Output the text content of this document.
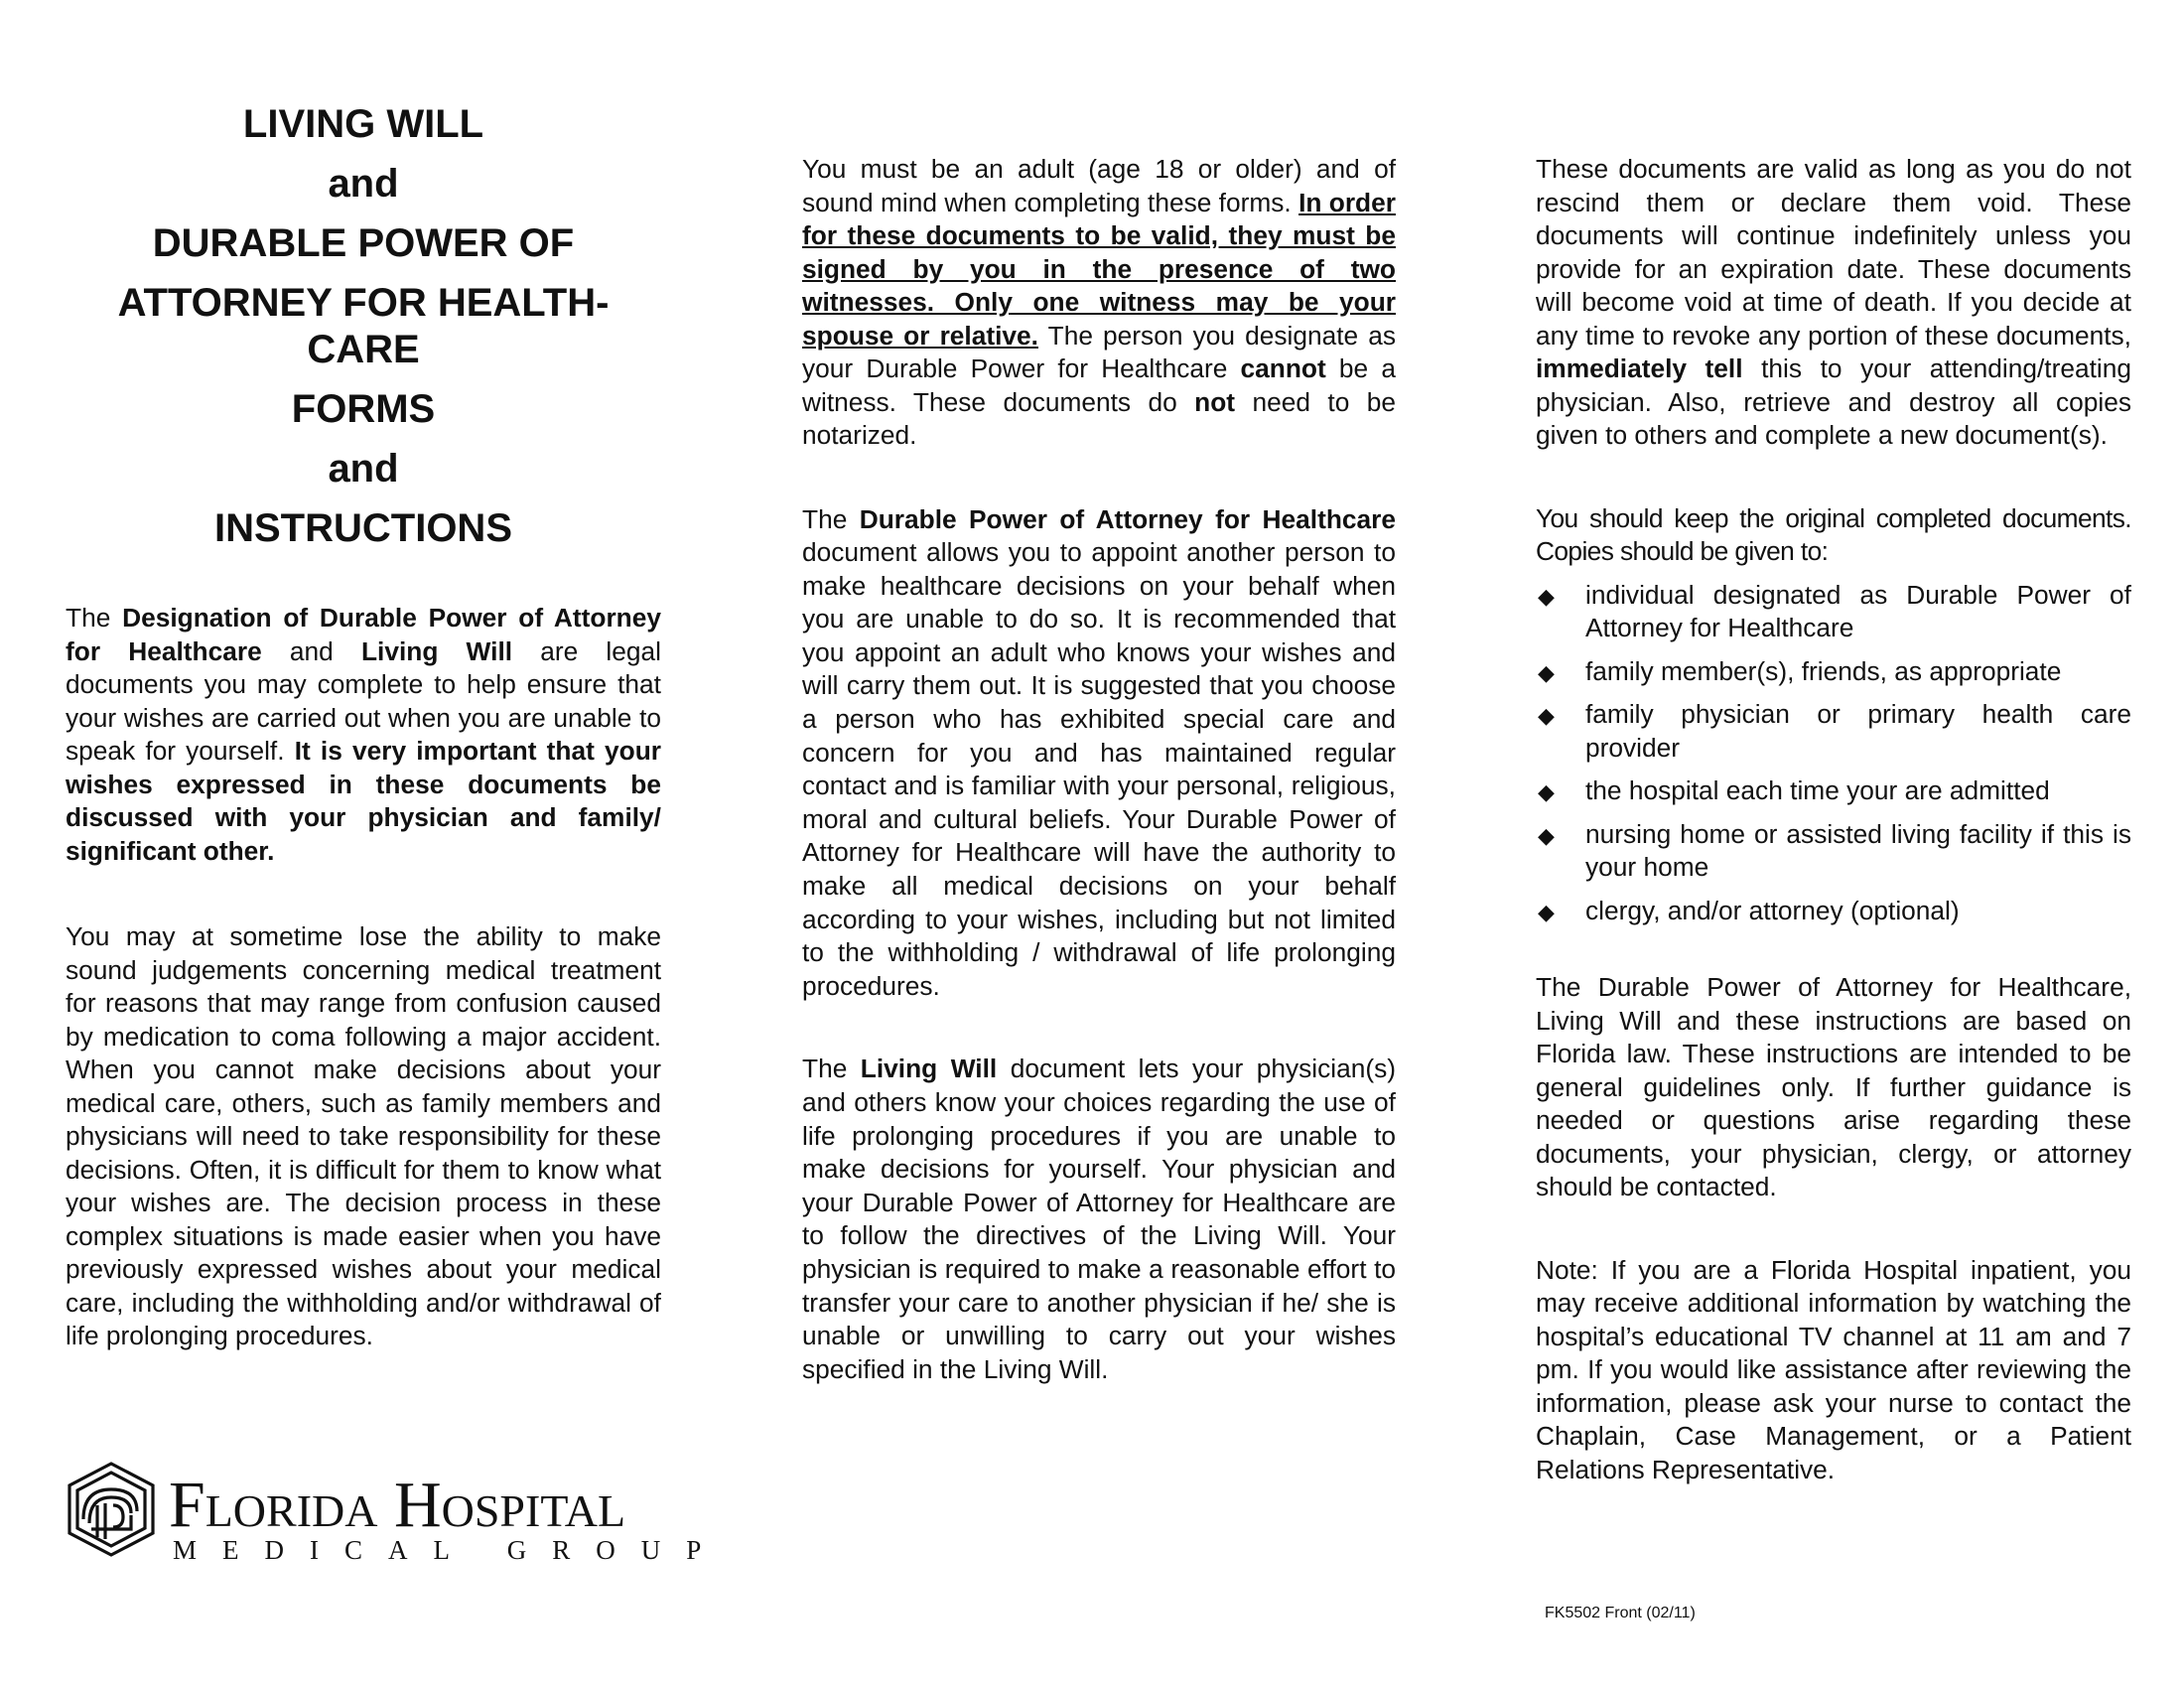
LIVING WILL

and

DURABLE POWER OF

ATTORNEY FOR HEALTH-

CARE

FORMS

and

INSTRUCTIONS

The Designation of Durable Power of Attorney for Healthcare and Living Will are legal documents you may complete to help ensure that your wishes are carried out when you are unable to speak for yourself. It is very important that your wishes expressed in these documents be discussed with your physician and family/ significant other.

You may at sometime lose the ability to make sound judgements concerning medical treatment for reasons that may range from confusion caused by medication to coma following a major accident. When you cannot make decisions about your medical care, others, such as family members and physicians will need to take responsibility for these decisions. Often, it is difficult for them to know what your wishes are. The decision process in these complex situations is made easier when you have previously expressed wishes about your medical care, including the withholding and/or withdrawal of life prolonging procedures.

Florida Hospital
MEDICAL GROUP

You must be an adult (age 18 or older) and of sound mind when completing these forms. In order for these documents to be valid, they must be signed by you in the presence of two witnesses. Only one witness may be your spouse or relative. The person you designate as your Durable Power for Healthcare cannot be a witness. These documents do not need to be notarized.

The Durable Power of Attorney for Healthcare document allows you to appoint another person to make healthcare decisions on your behalf when you are unable to do so. It is recommended that you appoint an adult who knows your wishes and will carry them out. It is suggested that you choose a person who has exhibited special care and concern for you and has maintained regular contact and is familiar with your personal, religious, moral and cultural beliefs. Your Durable Power of Attorney for Healthcare will have the authority to make all medical decisions on your behalf according to your wishes, including but not limited to the withholding / withdrawal of life prolonging procedures.

The Living Will document lets your physician(s) and others know your choices regarding the use of life prolonging procedures if you are unable to make decisions for yourself. Your physician and your Durable Power of Attorney for Healthcare are to follow the directives of the Living Will. Your physician is required to make a reasonable effort to transfer your care to another physician if he/ she is unable or unwilling to carry out your wishes specified in the Living Will.

These documents are valid as long as you do not rescind them or declare them void. These documents will continue indefinitely unless you provide for an expiration date. These documents will become void at time of death. If you decide at any time to revoke any portion of these documents, immediately tell this to your attending/treating physician. Also, retrieve and destroy all copies given to others and complete a new document(s).

You should keep the original completed documents. Copies should be given to:

◆ individual designated as Durable Power of Attorney for Healthcare
◆ family member(s), friends, as appropriate
◆ family physician or primary health care provider
◆ the hospital each time your are admitted
◆ nursing home or assisted living facility if this is your home
◆ clergy, and/or attorney (optional)

The Durable Power of Attorney for Healthcare, Living Will and these instructions are based on Florida law. These instructions are intended to be general guidelines only. If further guidance is needed or questions arise regarding these documents, your physician, clergy, or attorney should be contacted.

Note: If you are a Florida Hospital inpatient, you may receive additional information by watching the hospital’s educational TV channel at 11 am and 7 pm. If you would like assistance after reviewing the information, please ask your nurse to contact the Chaplain, Case Management, or a Patient Relations Representative.

FK5502 Front (02/11)
